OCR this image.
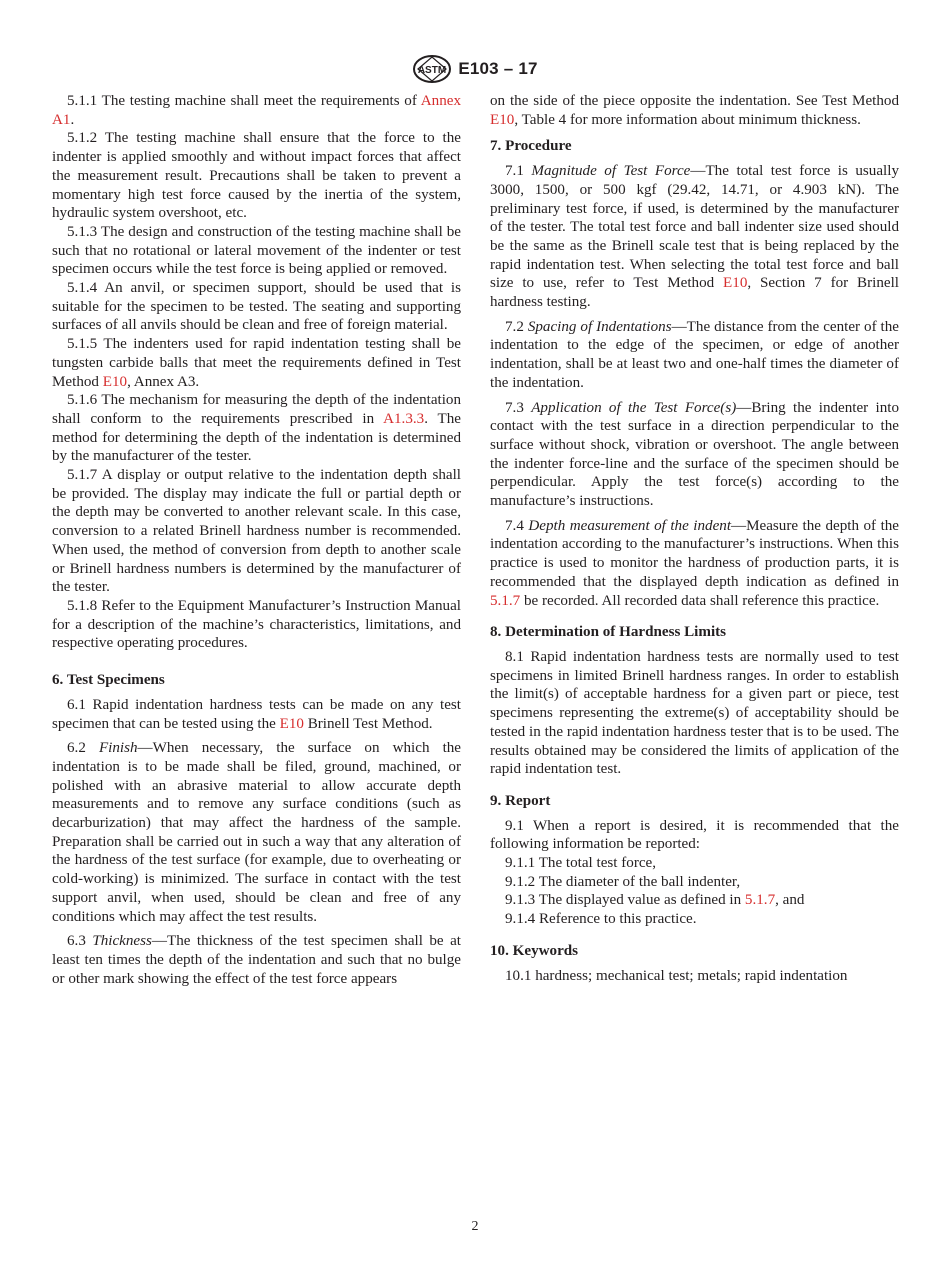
ASTM E103 – 17

5.1.1 The testing machine shall meet the requirements of Annex A1.

5.1.2 The testing machine shall ensure that the force to the indenter is applied smoothly and without impact forces that affect the measurement result. Precautions shall be taken to prevent a momentary high test force caused by the inertia of the system, hydraulic system overshoot, etc.

5.1.3 The design and construction of the testing machine shall be such that no rotational or lateral movement of the indenter or test specimen occurs while the test force is being applied or removed.

5.1.4 An anvil, or specimen support, should be used that is suitable for the specimen to be tested. The seating and supporting surfaces of all anvils should be clean and free of foreign material.

5.1.5 The indenters used for rapid indentation testing shall be tungsten carbide balls that meet the requirements defined in Test Method E10, Annex A3.

5.1.6 The mechanism for measuring the depth of the indentation shall conform to the requirements prescribed in A1.3.3. The method for determining the depth of the indentation is determined by the manufacturer of the tester.

5.1.7 A display or output relative to the indentation depth shall be provided. The display may indicate the full or partial depth or the depth may be converted to another relevant scale. In this case, conversion to a related Brinell hardness number is recommended. When used, the method of conversion from depth to another scale or Brinell hardness numbers is determined by the manufacturer of the tester.

5.1.8 Refer to the Equipment Manufacturer’s Instruction Manual for a description of the machine’s characteristics, limitations, and respective operating procedures.

6. Test Specimens

6.1 Rapid indentation hardness tests can be made on any test specimen that can be tested using the E10 Brinell Test Method.

6.2 Finish—When necessary, the surface on which the indentation is to be made shall be filed, ground, machined, or polished with an abrasive material to allow accurate depth measurements and to remove any surface conditions (such as decarburization) that may affect the hardness of the sample. Preparation shall be carried out in such a way that any alteration of the hardness of the test surface (for example, due to overheating or cold-working) is minimized. The surface in contact with the test support anvil, when used, should be clean and free of any conditions which may affect the test results.

6.3 Thickness—The thickness of the test specimen shall be at least ten times the depth of the indentation and such that no bulge or other mark showing the effect of the test force appears

on the side of the piece opposite the indentation. See Test Method E10, Table 4 for more information about minimum thickness.

7. Procedure

7.1 Magnitude of Test Force—The total test force is usually 3000, 1500, or 500 kgf (29.42, 14.71, or 4.903 kN). The preliminary test force, if used, is determined by the manufacturer of the tester. The total test force and ball indenter size used should be the same as the Brinell scale test that is being replaced by the rapid indentation test. When selecting the total test force and ball size to use, refer to Test Method E10, Section 7 for Brinell hardness testing.

7.2 Spacing of Indentations—The distance from the center of the indentation to the edge of the specimen, or edge of another indentation, shall be at least two and one-half times the diameter of the indentation.

7.3 Application of the Test Force(s)—Bring the indenter into contact with the test surface in a direction perpendicular to the surface without shock, vibration or overshoot. The angle between the indenter force-line and the surface of the specimen should be perpendicular. Apply the test force(s) according to the manufacture’s instructions.

7.4 Depth measurement of the indent—Measure the depth of the indentation according to the manufacturer’s instructions. When this practice is used to monitor the hardness of production parts, it is recommended that the displayed depth indication as defined in 5.1.7 be recorded. All recorded data shall reference this practice.

8. Determination of Hardness Limits

8.1 Rapid indentation hardness tests are normally used to test specimens in limited Brinell hardness ranges. In order to establish the limit(s) of acceptable hardness for a given part or piece, test specimens representing the extreme(s) of acceptability should be tested in the rapid indentation hardness tester that is to be used. The results obtained may be considered the limits of application of the rapid indentation test.

9. Report

9.1 When a report is desired, it is recommended that the following information be reported:

9.1.1 The total test force,

9.1.2 The diameter of the ball indenter,

9.1.3 The displayed value as defined in 5.1.7, and

9.1.4 Reference to this practice.

10. Keywords

10.1 hardness; mechanical test; metals; rapid indentation

2
